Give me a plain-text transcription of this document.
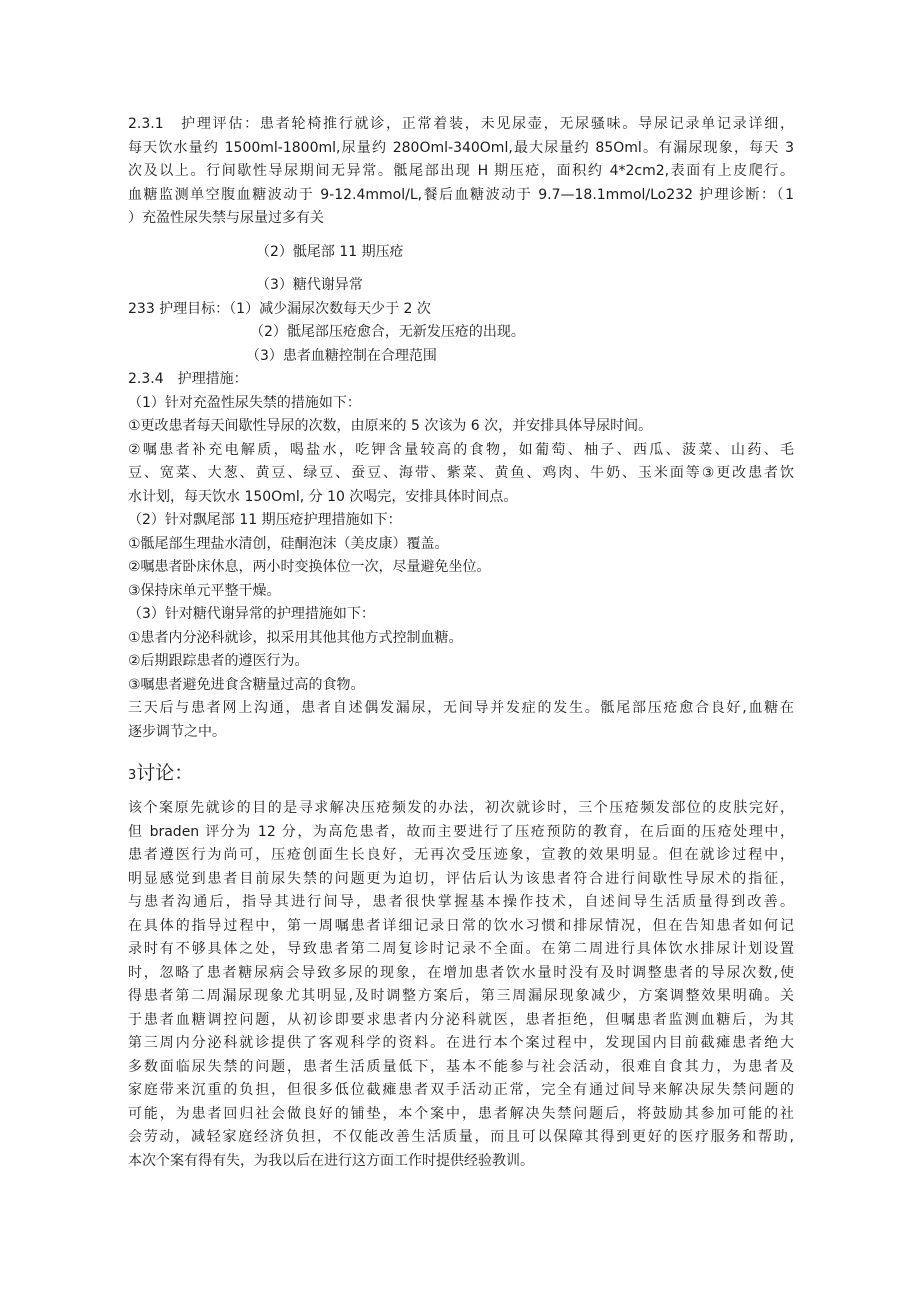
2.3.1　护理评估：患者轮椅推行就诊，正常着装，未见尿壶，无尿骚味。导尿记录单记录详细，
每天饮水量约 1500ml-1800ml,尿量约 280Oml-340Oml,最大尿量约 85Oml。有漏尿现象，每天 3
次及以上。行间歇性导尿期间无异常。骶尾部出现 H 期压疮，面积约 4*2cm2,表面有上皮爬行。
血糖监测单空腹血糖波动于 9-12.4mmol/L,餐后血糖波动于 9.7—18.1mmol/Lo232 护理诊断：（1
）充盈性尿失禁与尿量过多有关
（2）骶尾部 11 期压疮
（3）糖代谢异常
233 护理目标：（1）减少漏尿次数每天少于 2 次
（2）骶尾部压疮愈合，无新发压疮的出现。
（3）患者血糖控制在合理范围
2.3.4　护理措施：
（1）针对充盈性尿失禁的措施如下：
①更改患者每天间歇性导尿的次数，由原来的 5 次该为 6 次，并安排具体导尿时间。
②嘱患者补充电解质，喝盐水，吃钾含量较高的食物，如葡萄、柚子、西瓜、菠菜、山药、毛
豆、宽菜、大葱、黄豆、绿豆、蚕豆、海带、紫菜、黄鱼、鸡肉、牛奶、玉米面等③更改患者饮
水计划，每天饮水 150Oml, 分 10 次喝完，安排具体时间点。
（2）针对飘尾部 11 期压疮护理措施如下：
①骶尾部生理盐水清创，硅酮泡沫（美皮康）覆盖。
②嘱患者卧床休息，两小时变换体位一次，尽量避免坐位。
③保持床单元平整干燥。
（3）针对糖代谢异常的护理措施如下：
①患者内分泌科就诊，拟采用其他其他方式控制血糖。
②后期跟踪患者的遵医行为。
③嘱患者避免进食含糖量过高的食物。
三天后与患者网上沟通，患者自述偶发漏尿，无间导并发症的发生。骶尾部压疮愈合良好,血糖在
逐步调节之中。
3讨论：
该个案原先就诊的目的是寻求解决压疮频发的办法，初次就诊时，三个压疮频发部位的皮肤完好，
但 braden 评分为 12 分，为高危患者，故而主要进行了压疮预防的教育，在后面的压疮处理中，
患者遵医行为尚可，压疮创面生长良好，无再次受压迹象，宣教的效果明显。但在就诊过程中，
明显感觉到患者目前尿失禁的问题更为迫切，评估后认为该患者符合进行间歇性导尿术的指征，
与患者沟通后，指导其进行间导，患者很快掌握基本操作技术，自述间导生活质量得到改善。
在具体的指导过程中，第一周嘱患者详细记录日常的饮水习惯和排尿情况，但在告知患者如何记
录时有不够具体之处，导致患者第二周复诊时记录不全面。在第二周进行具体饮水排尿计划设置
时，忽略了患者糖尿病会导致多尿的现象，在增加患者饮水量时没有及时调整患者的导尿次数,使
得患者第二周漏尿现象尤其明显,及时调整方案后，第三周漏尿现象减少，方案调整效果明确。关
于患者血糖调控问题，从初诊即要求患者内分泌科就医，患者拒绝，但嘱患者监测血糖后，为其
第三周内分泌科就诊提供了客观科学的资料。在进行本个案过程中，发现国内目前截瘫患者绝大
多数面临尿失禁的问题，患者生活质量低下，基本不能参与社会活动，很难自食其力，为患者及
家庭带来沉重的负担，但很多低位截瘫患者双手活动正常，完全有通过间导来解决尿失禁问题的
可能，为患者回归社会做良好的铺垫，本个案中，患者解决失禁问题后，将鼓励其参加可能的社
会劳动，减轻家庭经济负担，不仅能改善生活质量，而且可以保障其得到更好的医疗服务和帮助,
本次个案有得有失，为我以后在进行这方面工作时提供经验教训。
